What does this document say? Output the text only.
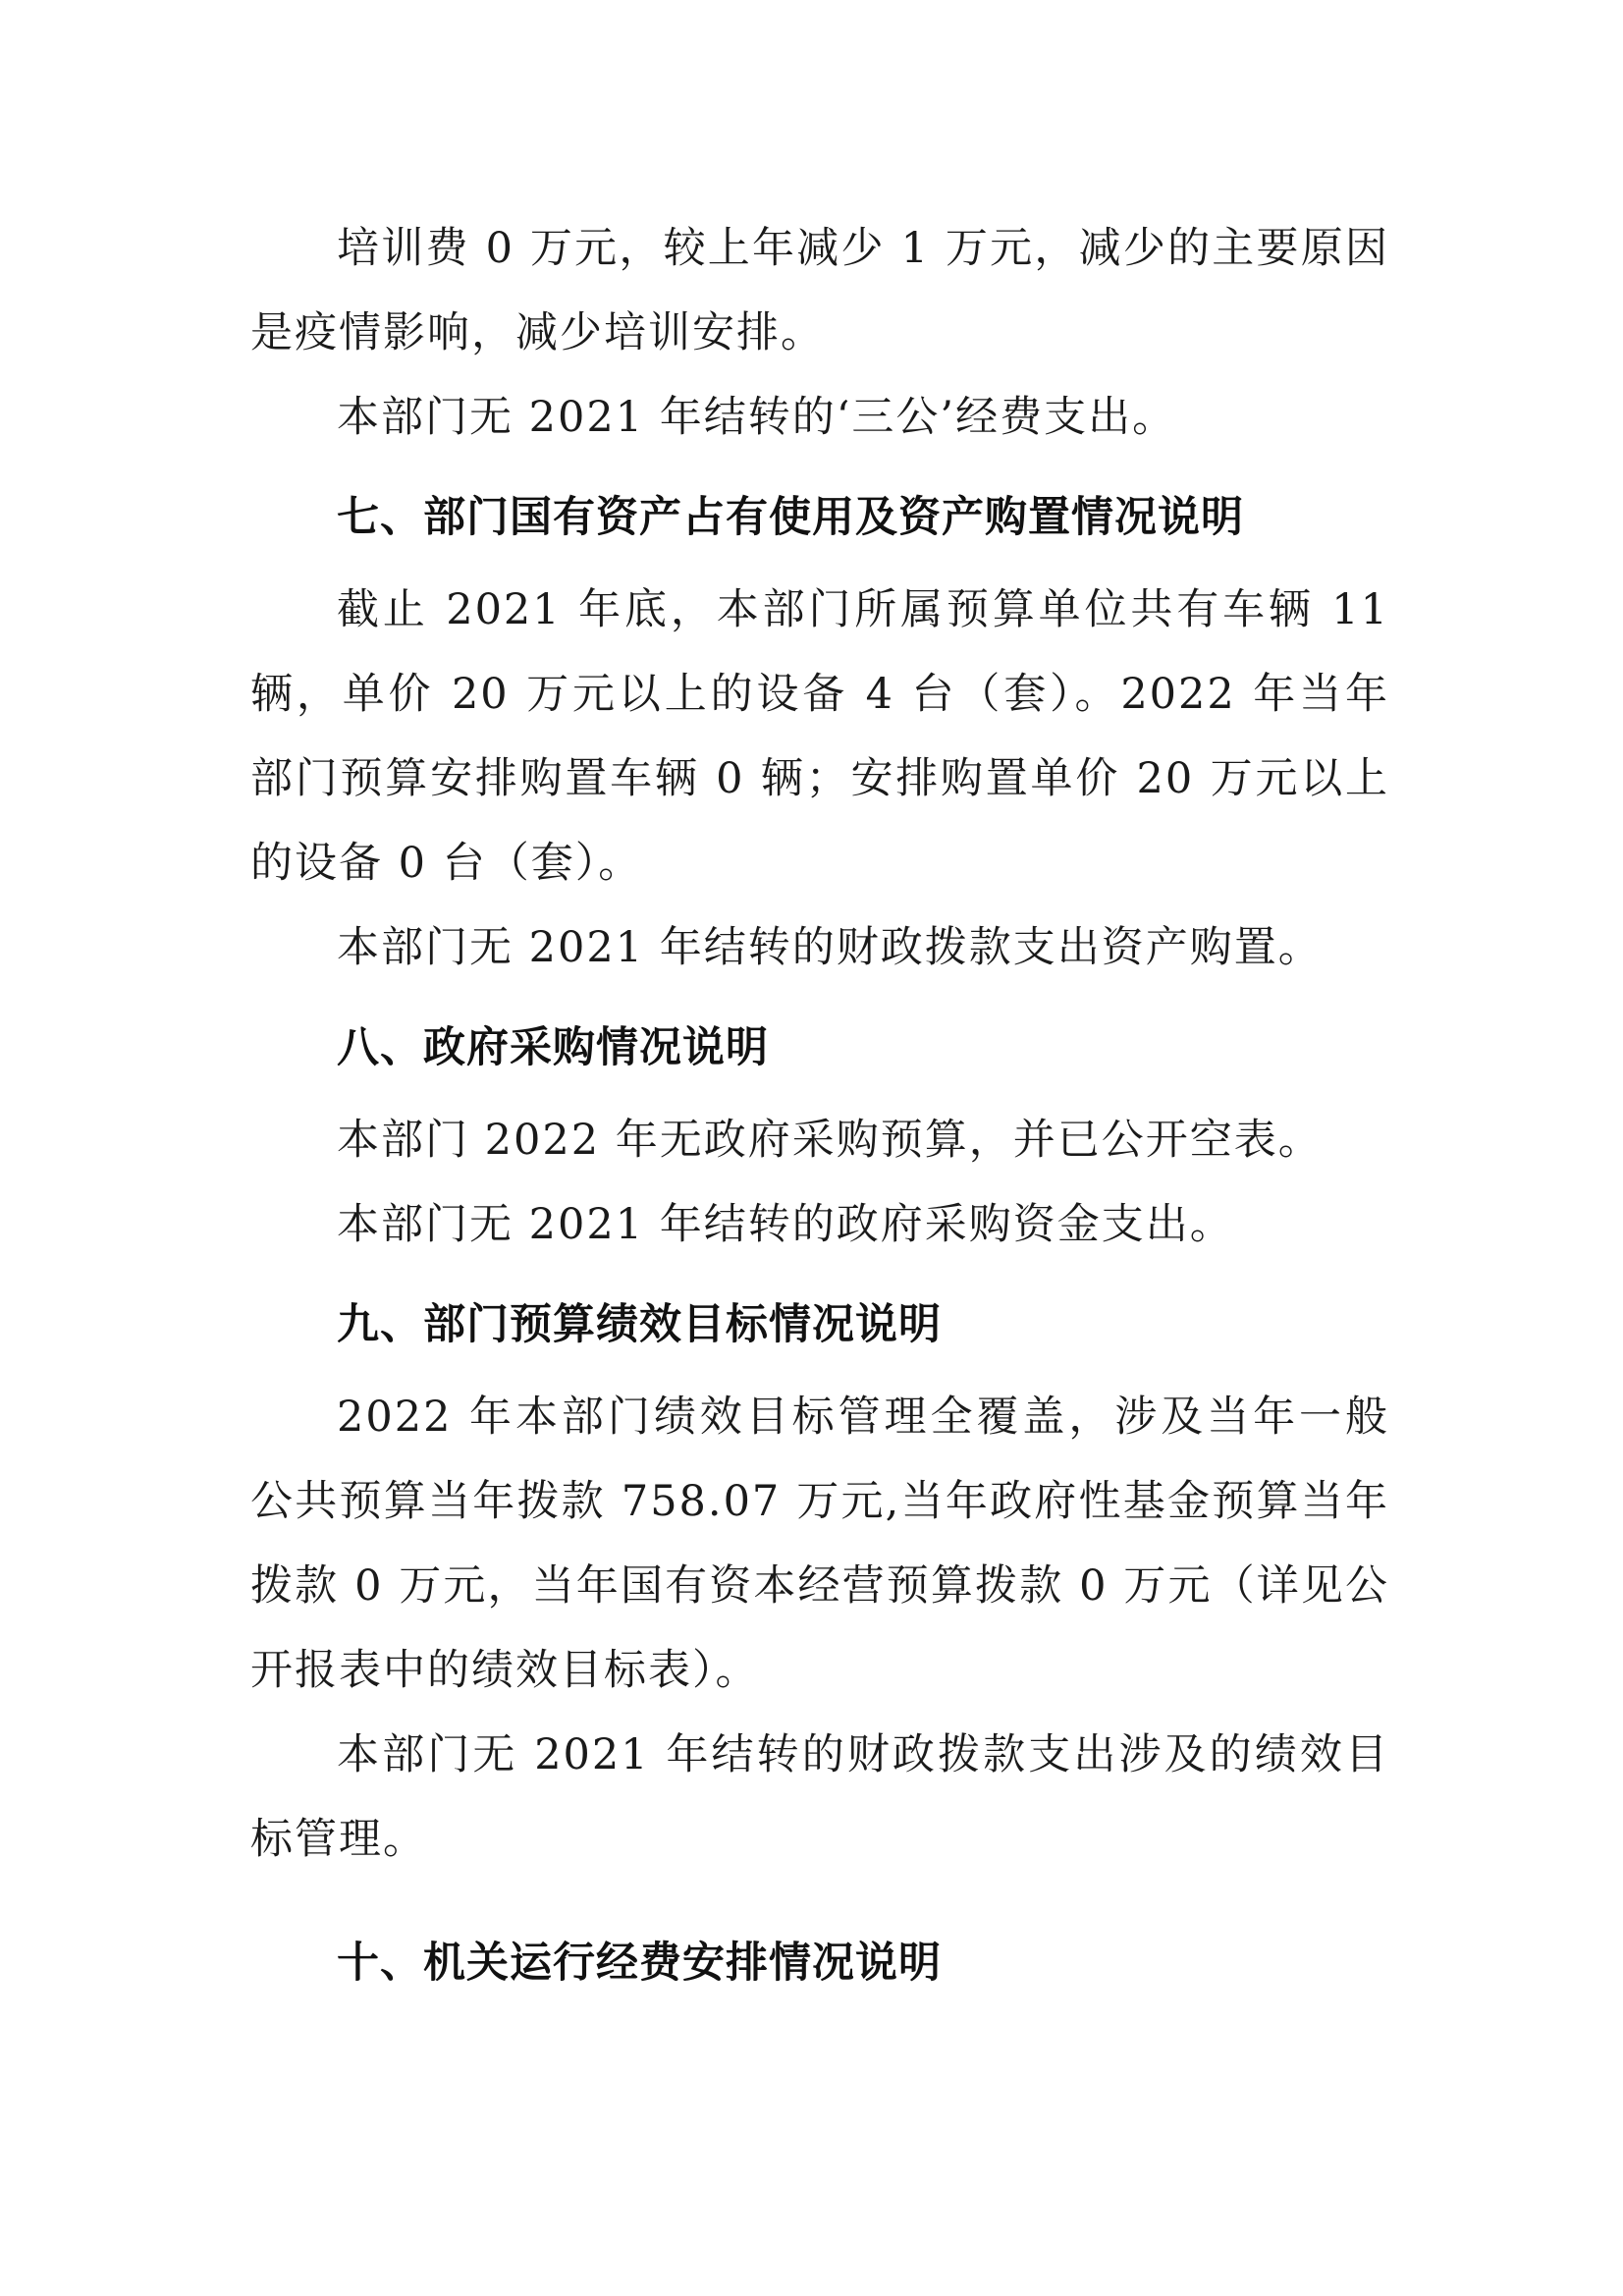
培训费 0 万元，较上年减少 1 万元，减少的主要原因是疫情影响，减少培训安排。

本部门无 2021 年结转的‘三公’经费支出。

七、部门国有资产占有使用及资产购置情况说明

截止 2021 年底，本部门所属预算单位共有车辆 11 辆，单价 20 万元以上的设备 4 台（套）。2022 年当年部门预算安排购置车辆 0 辆；安排购置单价 20 万元以上的设备 0 台（套）。

本部门无 2021 年结转的财政拨款支出资产购置。

八、政府采购情况说明

本部门 2022 年无政府采购预算，并已公开空表。

本部门无 2021 年结转的政府采购资金支出。

九、部门预算绩效目标情况说明

2022 年本部门绩效目标管理全覆盖，涉及当年一般公共预算当年拨款 758.07 万元,当年政府性基金预算当年拨款 0 万元，当年国有资本经营预算拨款 0 万元（详见公开报表中的绩效目标表）。

本部门无 2021 年结转的财政拨款支出涉及的绩效目标管理。

十、机关运行经费安排情况说明
